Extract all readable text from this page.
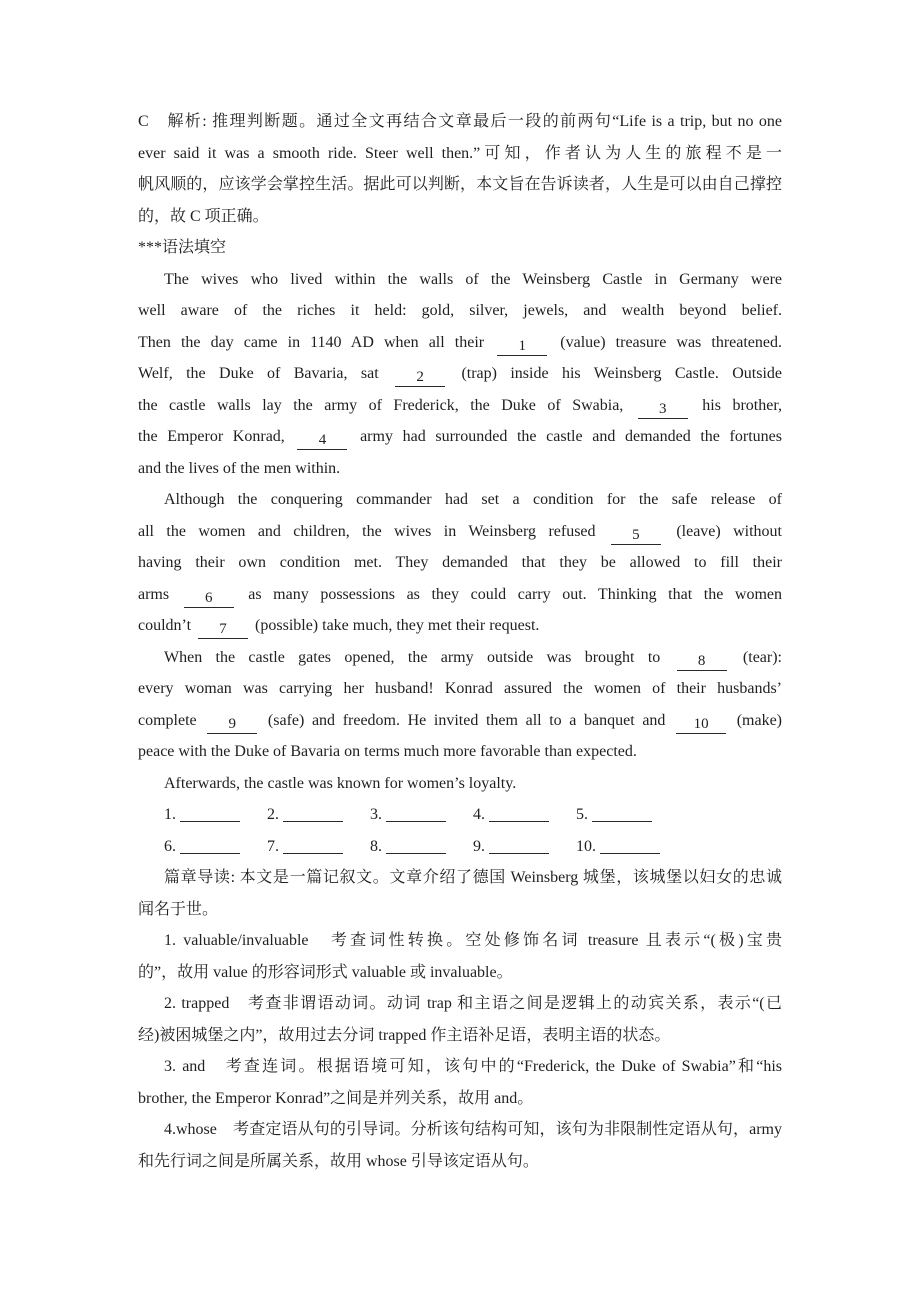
C　解析: 推理判断题。通过全文再结合文章最后一段的前两句“Life is a trip, but no one
ever said it was a smooth ride. Steer well then.”可知，作者认为人生的旅程不是一
帆风顺的，应该学会掌控生活。据此可以判断，本文旨在告诉读者，人生是可以由自己撑控
的，故 C 项正确。
***语法填空
The wives who lived within the walls of the Weinsberg Castle in Germany were
well aware of the riches it held: gold, silver, jewels, and wealth beyond belief.
Then the day came in 1140 AD when all their 1 (value) treasure was threatened.
Welf, the Duke of Bavaria, sat 2 (trap) inside his Weinsberg Castle. Outside
the castle walls lay the army of Frederick, the Duke of Swabia, 3 his brother,
the Emperor Konrad, 4 army had surrounded the castle and demanded the fortunes
and the lives of the men within.
Although the conquering commander had set a condition for the safe release of
all the women and children, the wives in Weinsberg refused 5 (leave) without
having their own condition met. They demanded that they be allowed to fill their
arms 6 as many possessions as they could carry out. Thinking that the women
couldn’t 7 (possible) take much, they met their request.
When the castle gates opened, the army outside was brought to 8 (tear):
every woman was carrying her husband! Konrad assured the women of their husbands’
complete 9 (safe) and freedom. He invited them all to a banquet and 10 (make)
peace with the Duke of Bavaria on terms much more favorable than expected.
Afterwards, the castle was known for women’s loyalty.
1.	2.	3.	4.	5.
6.	7.	8.	9.	10.
篇章导读: 本文是一篇记叙文。文章介绍了德国 Weinsberg 城堡，该城堡以妇女的忠诚
闻名于世。
1. valuable/invaluable　考查词性转换。空处修饰名词 treasure 且表示“(极)宝贵
的”，故用 value 的形容词形式 valuable 或 invaluable。
2. trapped　考查非谓语动词。动词 trap 和主语之间是逻辑上的动宾关系，表示“(已
经)被困城堡之内”，故用过去分词 trapped 作主语补足语，表明主语的状态。
3. and　考查连词。根据语境可知，该句中的“Frederick, the Duke of Swabia”和“his
brother, the Emperor Konrad”之间是并列关系，故用 and。
4.whose　考查定语从句的引导词。分析该句结构可知，该句为非限制性定语从句，army
和先行词之间是所属关系，故用 whose 引导该定语从句。
